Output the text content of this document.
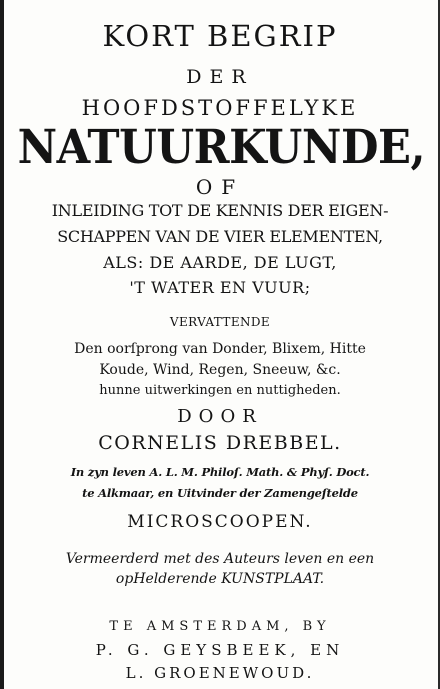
KORT BEGRIP
DER
HOOFDSTOFFELYKE
NATUURKUNDE,
OF
INLEIDING TOT DE KENNIS DER EIGEN-
SCHAPPEN VAN DE VIER ELEMENTEN,
ALS: DE AARDE, DE LUGT,
'T WATER EN VUUR;
VERVATTENDE
Den oorſprong van Donder, Blixem, Hitte
Koude, Wind, Regen, Sneeuw, &c.
hunne uitwerkingen en nuttigheden.
DOOR
CORNELIS DREBBEL.
In zyn leven A. L. M. Philoſ. Math. & Phyſ. Doct.
te Alkmaar, en Uitvinder der Zamengeſtelde
MICROSCOOPEN.
Vermeerderd met des Auteurs leven en een
opHelderende KUNSTPLAAT.
TE AMSTERDAM, BY
P. G. GEYSBEEK, EN
L. GROENEWOUD.
